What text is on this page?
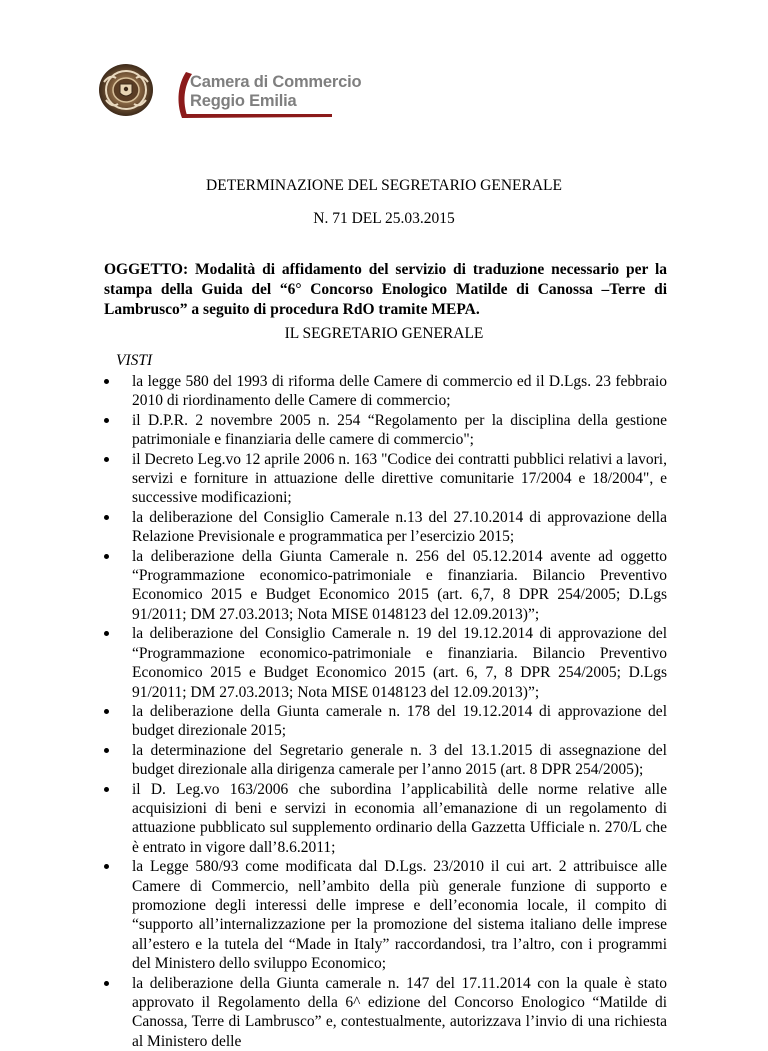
Camera di Commercio
Reggio Emilia
DETERMINAZIONE DEL SEGRETARIO GENERALE
N. 71 DEL 25.03.2015
OGGETTO: Modalità di affidamento del servizio di traduzione necessario per la stampa della Guida del “6° Concorso Enologico Matilde di Canossa –Terre di Lambrusco” a seguito di procedura RdO tramite MEPA.
IL SEGRETARIO GENERALE
VISTI
la legge 580 del 1993 di riforma delle Camere di commercio ed il D.Lgs. 23 febbraio 2010 di riordinamento delle Camere di commercio;
il D.P.R. 2 novembre 2005 n. 254 “Regolamento per la disciplina della gestione patrimoniale e finanziaria delle camere di commercio";
il Decreto Leg.vo 12 aprile 2006 n. 163 "Codice dei contratti pubblici relativi a lavori, servizi e forniture in attuazione delle direttive comunitarie 17/2004 e 18/2004", e successive modificazioni;
la deliberazione del Consiglio Camerale n.13 del 27.10.2014 di approvazione della Relazione Previsionale e programmatica per l’esercizio 2015;
la deliberazione della Giunta Camerale n. 256 del 05.12.2014 avente ad oggetto “Programmazione economico-patrimoniale e finanziaria. Bilancio Preventivo Economico 2015 e Budget Economico 2015 (art. 6,7, 8 DPR 254/2005; D.Lgs 91/2011; DM 27.03.2013; Nota MISE 0148123 del 12.09.2013)”;
la deliberazione del Consiglio Camerale n. 19 del 19.12.2014 di approvazione del “Programmazione economico-patrimoniale e finanziaria. Bilancio Preventivo Economico 2015 e Budget Economico 2015 (art. 6, 7, 8 DPR 254/2005; D.Lgs 91/2011; DM 27.03.2013; Nota MISE 0148123 del 12.09.2013)”;
la deliberazione della Giunta camerale n. 178 del 19.12.2014 di approvazione del budget direzionale 2015;
la determinazione del Segretario generale n. 3 del 13.1.2015 di assegnazione del budget direzionale alla dirigenza camerale per l’anno 2015 (art. 8 DPR 254/2005);
il D. Leg.vo 163/2006 che subordina l’applicabilità delle norme relative alle acquisizioni di beni e servizi in economia all’emanazione di un regolamento di attuazione pubblicato sul supplemento ordinario della Gazzetta Ufficiale n. 270/L che è entrato in vigore dall’8.6.2011;
la Legge 580/93 come modificata dal D.Lgs. 23/2010 il cui art. 2 attribuisce alle Camere di Commercio, nell’ambito della più generale funzione di supporto e promozione degli interessi delle imprese e dell’economia locale, il compito di “supporto all’internalizzazione per la promozione del sistema italiano delle imprese all’estero e la tutela del “Made in Italy” raccordandosi, tra l’altro, con i programmi del Ministero dello sviluppo Economico;
la deliberazione della Giunta camerale n. 147 del 17.11.2014 con la quale è stato approvato il Regolamento della 6^ edizione del Concorso Enologico “Matilde di Canossa, Terre di Lambrusco” e, contestualmente, autorizzava l’invio di una richiesta al Ministero delle
